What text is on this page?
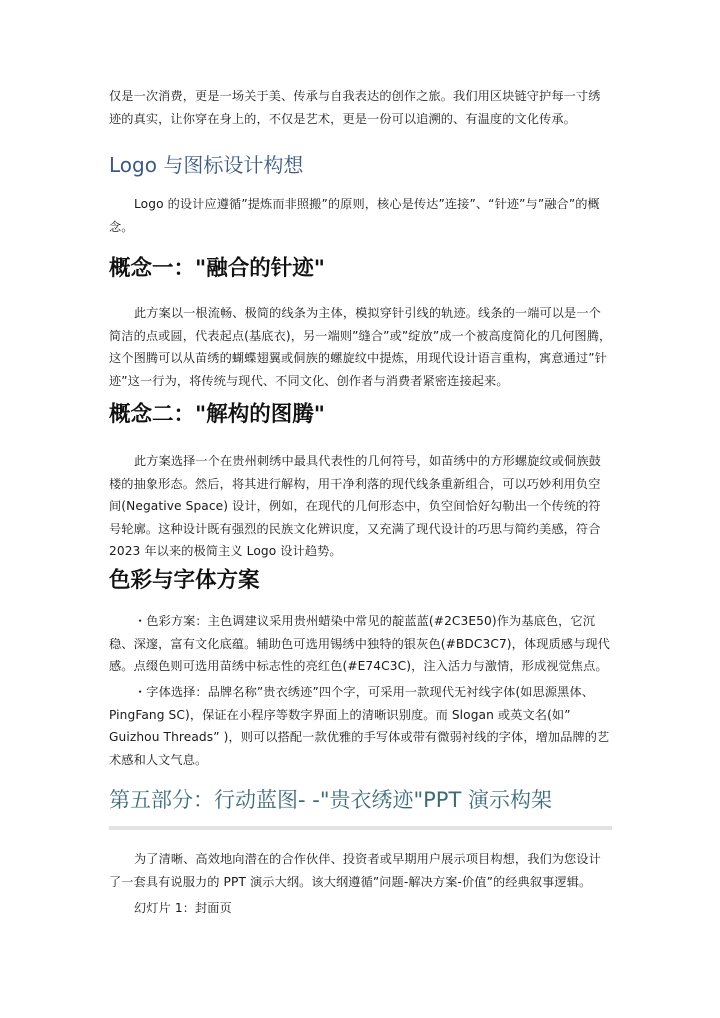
仅是一次消费，更是一场关于美、传承与自我表达的创作之旅。我们用区块链守护每一寸绣迹的真实，让你穿在身上的，不仅是艺术，更是一份可以追溯的、有温度的文化传承。

Logo 与图标设计构想

Logo 的设计应遵循”提炼而非照搬”的原则，核心是传达”连接”、“针迹”与”融合”的概念。

概念一："融合的针迹"

此方案以一根流畅、极简的线条为主体，模拟穿针引线的轨迹。线条的一端可以是一个简洁的点或圆，代表起点(基底衣)，另一端则”缝合”或”绽放”成一个被高度简化的几何图腾，这个图腾可以从苗绣的蝴蝶翅翼或侗族的螺旋纹中提炼，用现代设计语言重构，寓意通过”针迹”这一行为，将传统与现代、不同文化、创作者与消费者紧密连接起来。

概念二："解构的图腾"

此方案选择一个在贵州刺绣中最具代表性的几何符号，如苗绣中的方形螺旋纹或侗族鼓楼的抽象形态。然后，将其进行解构，用干净利落的现代线条重新组合，可以巧妙利用负空间(Negative Space) 设计，例如，在现代的几何形态中，负空间恰好勾勒出一个传统的符号轮廓。这种设计既有强烈的民族文化辨识度，又充满了现代设计的巧思与简约美感，符合2023 年以来的极简主义 Logo 设计趋势。

色彩与字体方案

・色彩方案：主色调建议采用贵州蜡染中常见的靛蓝蓝(#2C3E50)作为基底色，它沉稳、深邃，富有文化底蕴。辅助色可选用锡绣中独特的银灰色(#BDC3C7)，体现质感与现代感。点缀色则可选用苗绣中标志性的亮红色(#E74C3C)，注入活力与激情，形成视觉焦点。

・字体选择：品牌名称”贵衣绣迹”四个字，可采用一款现代无衬线字体(如思源黑体、PingFang SC)，保证在小程序等数字界面上的清晰识别度。而 Slogan 或英文名(如” Guizhou Threads” )，则可以搭配一款优雅的手写体或带有微弱衬线的字体，增加品牌的艺术感和人文气息。

第五部分：行动蓝图- -"贵衣绣迹"PPT 演示构架

为了清晰、高效地向潜在的合作伙伴、投资者或早期用户展示项目构想，我们为您设计了一套具有说服力的 PPT 演示大纲。该大纲遵循”问题-解决方案-价值”的经典叙事逻辑。

幻灯片 1：封面页
